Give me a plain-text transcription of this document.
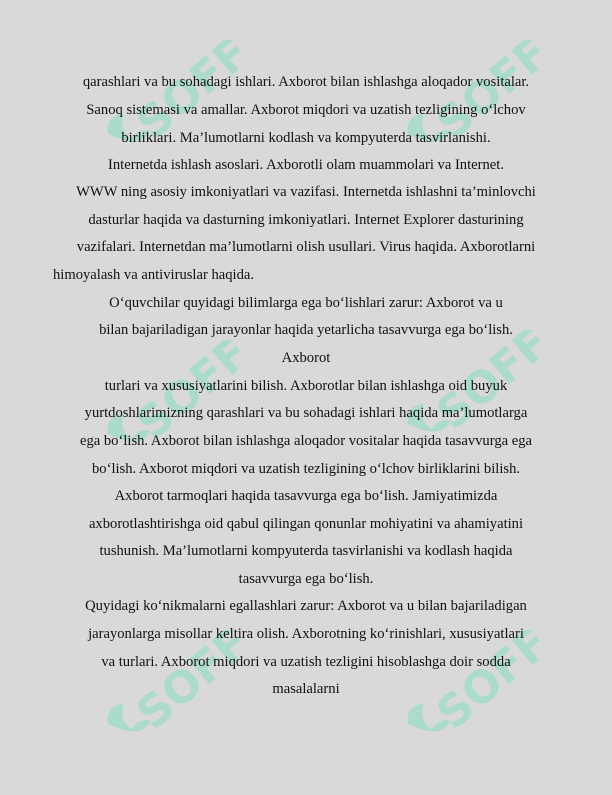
SOFF	SOFF
SOFF	SOFF
SOFF	SOFF
qarashlari va bu sohadagi ishlari. Axborot bilan ishlashga aloqador vositalar.
Sanoq sistemasi va amallar. Axborot miqdori va uzatish tezligining o‘lchov
birliklari. Ma’lumotlarni kodlash va kompyuterda tasvirlanishi.
Internetda ishlash asoslari. Axborotli olam muammolari va Internet.
WWW ning asosiy imkoniyatlari va vazifasi. Internetda ishlashni ta’minlovchi
dasturlar haqida va dasturning imkoniyatlari. Internet Explorer dasturining
vazifalari. Internetdan ma’lumotlarni olish usullari. Virus haqida. Axborotlarni
himoyalash va antiviruslar haqida.
O‘quvchilar quyidagi bilimlarga ega bo‘lishlari zarur: Axborot va u
bilan bajariladigan jarayonlar haqida yetarlicha tasavvurga ega bo‘lish.
Axborot
turlari va xususiyatlarini bilish. Axborotlar bilan ishlashga oid buyuk
yurtdoshlarimizning qarashlari va bu sohadagi ishlari haqida ma’lumotlarga
ega bo‘lish. Axborot bilan ishlashga aloqador vositalar haqida tasavvurga ega
bo‘lish. Axborot miqdori va uzatish tezligining o‘lchov birliklarini bilish.
Axborot tarmoqlari haqida tasavvurga ega bo‘lish. Jamiyatimizda
axborotlashtirishga oid qabul qilingan qonunlar mohiyatini va ahamiyatini
tushunish. Ma’lumotlarni kompyuterda tasvirlanishi va kodlash haqida
tasavvurga ega bo‘lish.
Quyidagi ko‘nikmalarni egallashlari zarur: Axborot va u bilan bajariladigan
jarayonlarga misollar keltira olish. Axborotning ko‘rinishlari, xususiyatlari
va turlari. Axborot miqdori va uzatish tezligini hisoblashga doir sodda
masalalarni
